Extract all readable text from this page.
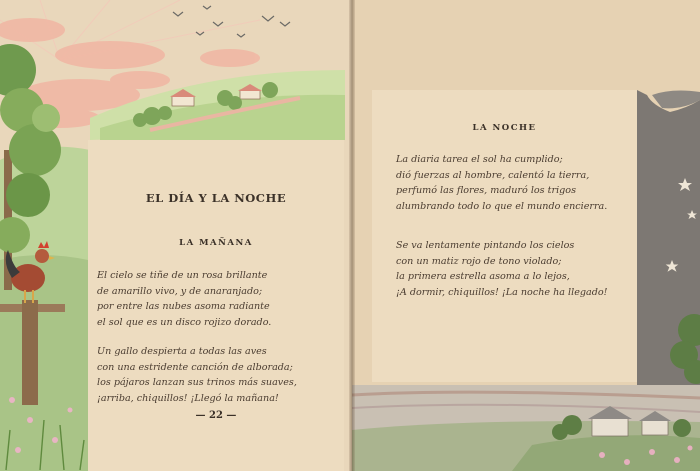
EL DÍA Y LA NOCHE
LA MAÑANA
El cielo se tiñe de un rosa brillante
de amarillo vivo, y de anaranjado;
por entre las nubes asoma radiante
el sol que es un disco rojizo dorado.
Un gallo despierta a todas las aves
con una estridente canción de alborada;
los pájaros lanzan sus trinos más suaves,
¡arriba, chiquillos! ¡Llegó la mañana!
— 22 —
LA NOCHE
La diaria tarea el sol ha cumplido;
dió fuerzas al hombre, calentó la tierra,
perfumó las flores, maduró los trigos
alumbrando todo lo que el mundo encierra.
Se va lentamente pintando los cielos
con un matiz rojo de tono violado;
la primera estrella asoma a lo lejos,
¡A dormir, chiquillos! ¡La noche ha llegado!
